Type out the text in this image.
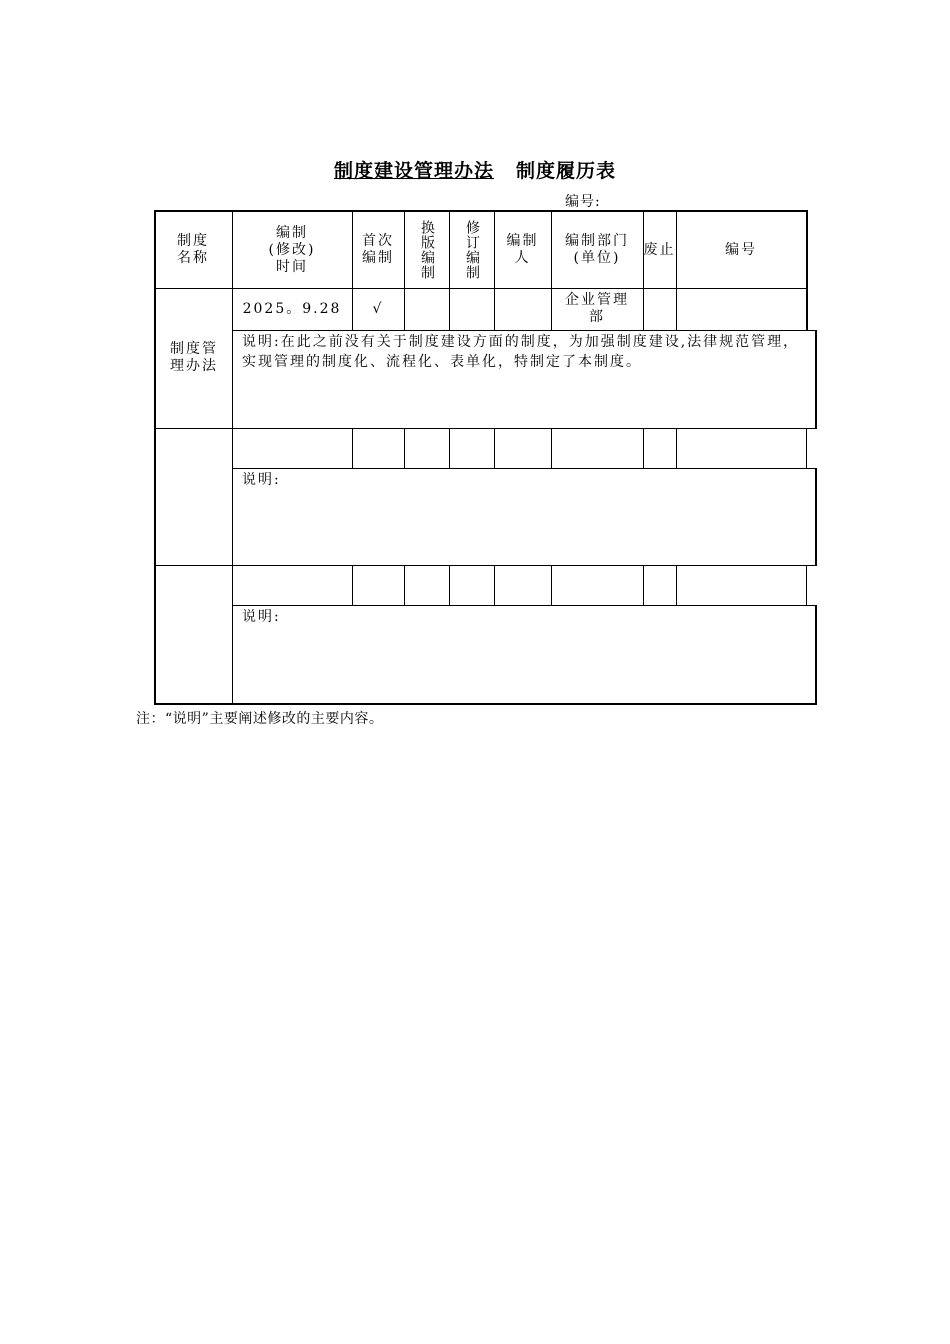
制度建设管理办法 制度履历表
编号:
制度
名称
编制
(修改)
时间
首次
编制 换版编制 修订编制 编制
人
编制部门
(单位)
废止	编号
制度管
理办法
2025。9.28 √
企业管理
部
说明:在此之前没有关于制度建设方面的制度，为加强制度建设,法律规范管理，实现管理的制度化、流程化、表单化，特制定了本制度。
说明:
说明:
注：“说明”主要阐述修改的主要内容。
